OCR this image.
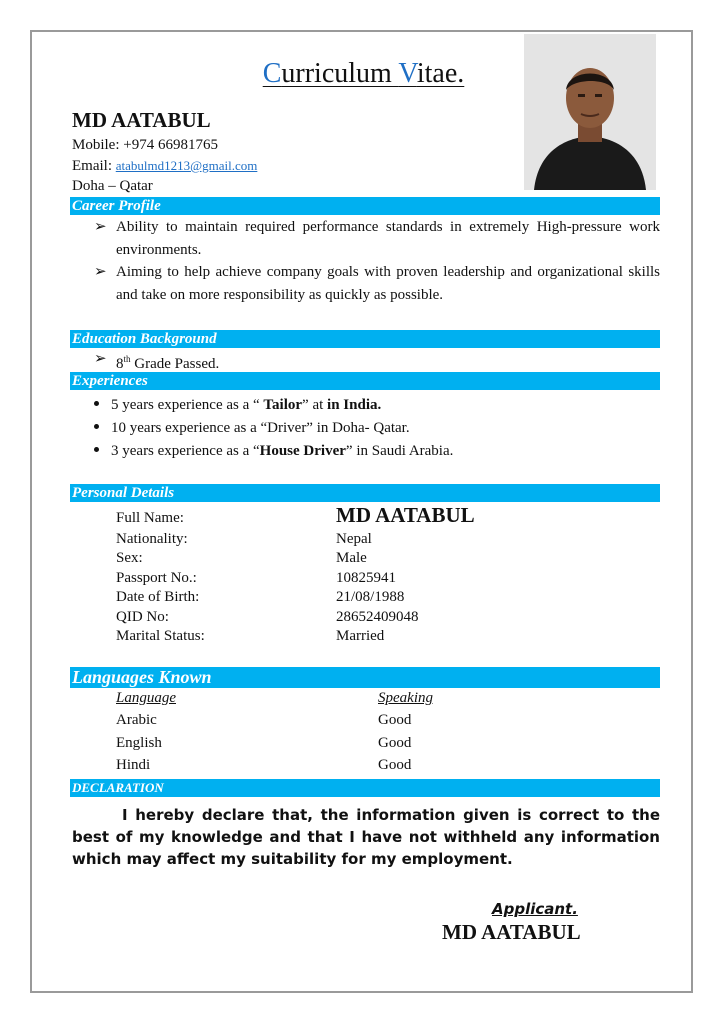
Curriculum Vitae.
MD AATABUL
Mobile: +974 66981765
Email: atabulmd1213@gmail.com
Doha – Qatar
Career Profile
➢ Ability to maintain required performance standards in extremely High-pressure work environments.
➢ Aiming to help achieve company goals with proven leadership and organizational skills and take on more responsibility as quickly as possible.
Education Background
➢ 8th Grade Passed.
Experiences
5 years experience as a “ Tailor” at in India.
10 years experience as a “Driver” in Doha- Qatar.
3 years experience as a “House Driver” in Saudi Arabia.
Personal Details
Full Name:	MD AATABUL
Nationality:	Nepal
Sex:	Male
Passport No.:	10825941
Date of Birth:	21/08/1988
QID No:	28652409048
Marital Status:	Married
Languages Known
Language	Speaking
Arabic	Good
English	Good
Hindi	Good
DECLARATION
I hereby declare that, the information given is correct to the best of my knowledge and that I have not withheld any information which may affect my suitability for my employment.
Applicant.
MD AATABUL
